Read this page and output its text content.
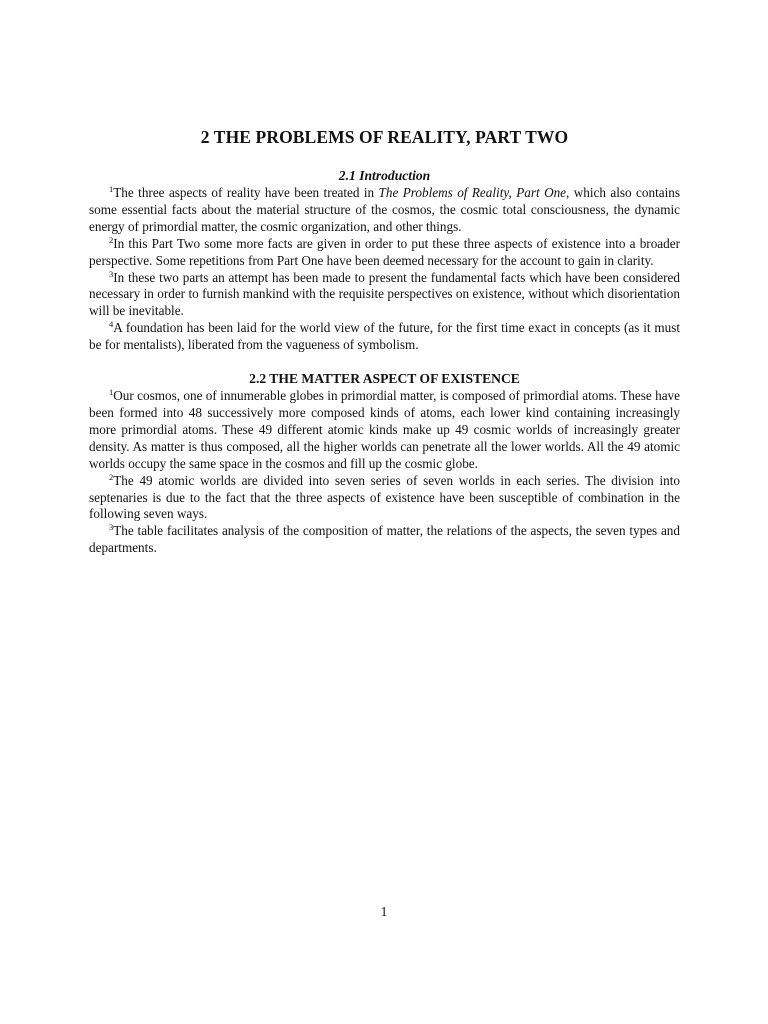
2 THE PROBLEMS OF REALITY, PART TWO
2.1 Introduction

$^1$The three aspects of reality have been treated in The Problems of Reality, Part One, which also contains some essential facts about the material structure of the cosmos, the cosmic total consciousness, the dynamic energy of primordial matter, the cosmic organization, and other things.

$^2$In this Part Two some more facts are given in order to put these three aspects of existence into a broader perspective. Some repetitions from Part One have been deemed necessary for the account to gain in clarity.

$^3$In these two parts an attempt has been made to present the fundamental facts which have been considered necessary in order to furnish mankind with the requisite perspectives on existence, without which disorientation will be inevitable.

$^4$A foundation has been laid for the world view of the future, for the first time exact in concepts (as it must be for mentalists), liberated from the vagueness of symbolism.

2.2 THE MATTER ASPECT OF EXISTENCE

$^1$Our cosmos, one of innumerable globes in primordial matter, is composed of primordial atoms. These have been formed into 48 successively more composed kinds of atoms, each lower kind containing increasingly more primordial atoms. These 49 different atomic kinds make up 49 cosmic worlds of increasingly greater density. As matter is thus composed, all the higher worlds can penetrate all the lower worlds. All the 49 atomic worlds occupy the same space in the cosmos and fill up the cosmic globe.

$^2$The 49 atomic worlds are divided into seven series of seven worlds in each series. The division into septenaries is due to the fact that the three aspects of existence have been susceptible of combination in the following seven ways.

$^3$The table facilitates analysis of the composition of matter, the relations of the aspects, the seven types and departments.

1
